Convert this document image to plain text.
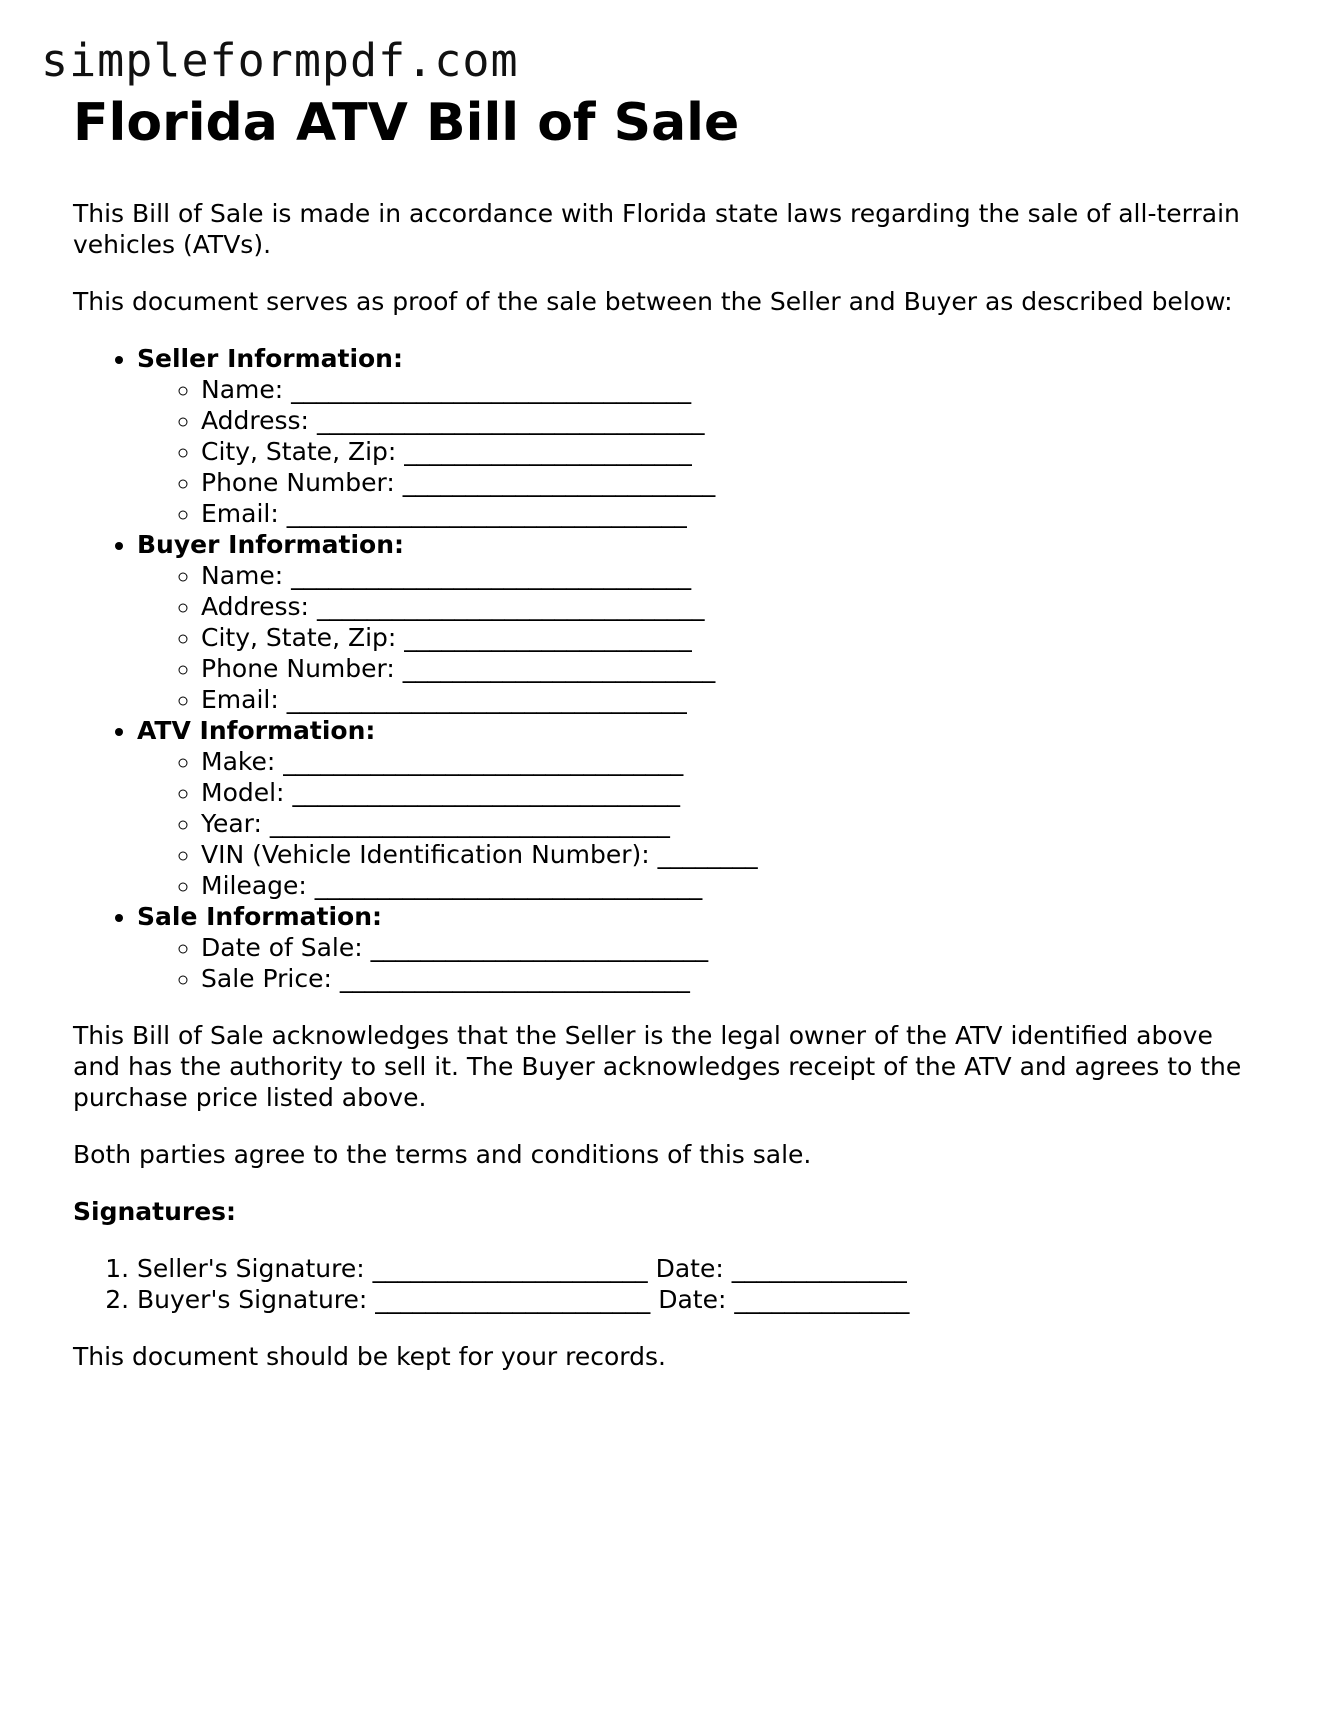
simpleformpdf.com
Florida ATV Bill of Sale

This Bill of Sale is made in accordance with Florida state laws regarding the sale of all-terrain vehicles (ATVs).

This document serves as proof of the sale between the Seller and Buyer as described below:

• Seller Information:
◦ Name: ________________________________
◦ Address: _______________________________
◦ City, State, Zip: _______________________
◦ Phone Number: _________________________
◦ Email: ________________________________
• Buyer Information:
◦ Name: ________________________________
◦ Address: _______________________________
◦ City, State, Zip: _______________________
◦ Phone Number: _________________________
◦ Email: ________________________________
• ATV Information:
◦ Make: ________________________________
◦ Model: _______________________________
◦ Year: ________________________________
◦ VIN (Vehicle Identification Number): ________
◦ Mileage: _______________________________
• Sale Information:
◦ Date of Sale: ___________________________
◦ Sale Price: ____________________________

This Bill of Sale acknowledges that the Seller is the legal owner of the ATV identified above and has the authority to sell it. The Buyer acknowledges receipt of the ATV and agrees to the purchase price listed above.

Both parties agree to the terms and conditions of this sale.

Signatures:

1. Seller's Signature: ______________________ Date: ______________
2. Buyer's Signature: ______________________ Date: ______________

This document should be kept for your records.
